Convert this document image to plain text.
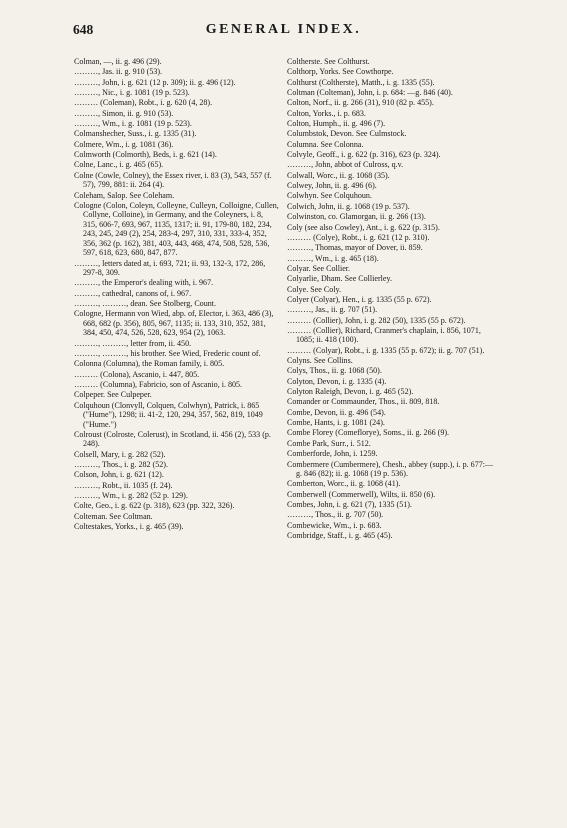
648	GENERAL INDEX.
Colman, —, ii. g. 496 (29).
………, Jas. ii. g. 910 (53).
………, John, i. g. 621 (12 p. 309); ii. g. 496 (12).
………, Nic., i. g. 1081 (19 p. 523).
……… (Coleman), Robt., i. g. 620 (4, 28).
………, Simon, ii. g. 910 (53).
………, Wm., i. g. 1081 (19 p. 523).
Colmanshecher, Suss., i. g. 1335 (31).
Colmere, Wm., i. g. 1081 (36).
Colmworth (Colmorth), Beds, i. g. 621 (14).
Colne, Lanc., i. g. 465 (65).
Colne (Cowle, Colney), the Essex river, i. 83 (3), 543, 557 (f. 57), 799, 881: ii. 264 (4).
Coleham, Salop. See Coleham.
Cologne (Colon, Coleyn, Colleyne, Culleyn, Colloigne, Cullen, Collyne, Colloine), in Germany, and the Coleyners, i. 8, 315, 606-7, 693, 967, 1135, 1317; ii. 91, 179-80, 182, 234, 243, 245, 249 (2), 254, 283-4, 297, 310, 331, 333-4, 352, 356, 362 (p. 162), 381, 403, 443, 468, 474, 508, 528, 536, 597, 618, 623, 680, 847, 877.
………, letters dated at, i. 693, 721; ii. 93, 132-3, 172, 286, 297-8, 309.
………, the Emperor's dealing with, i. 967.
………, cathedral, canons of, i. 967.
………, ………, dean. See Stolberg, Count.
Cologne, Hermann von Wied, abp. of, Elector, i. 363, 486 (3), 668, 682 (p. 356), 805, 967, 1135; ii. 133, 310, 352, 381, 384, 450, 474, 526, 528, 623, 954 (2), 1063.
………, ………, letter from, ii. 450.
………, ………, his brother. See Wied, Frederic count of.
Colonna (Columna), the Roman family, i. 805.
……… (Colona), Ascanio, i. 447, 805.
……… (Columna), Fabricio, son of Ascanio, i. 805.
Colpeper. See Culpeper.
Colquhoun (Clonvyll, Colquen, Colwhyn), Patrick, i. 865 ("Hume"), 1298; ii. 41-2, 120, 294, 357, 562, 819, 1049 ("Hume.")
Colroust (Colroste, Colerust), in Scotland, ii. 456 (2), 533 (p. 248).
Colsell, Mary, i. g. 282 (52).
………, Thos., i. g. 282 (52).
Colson, John, i. g. 621 (12).
………, Robt., ii. 1035 (f. 24).
………, Wm., i. g. 282 (52 p. 129).
Colte, Geo., i. g. 622 (p. 318), 623 (pp. 322, 326).
Colteman. See Coltman.
Coltestakes, Yorks., i. g. 465 (39).
Coltherste. See Colthurst.
Colthorp, Yorks. See Cowthorpe.
Colthurst (Coltherste), Matth., i. g. 1335 (55).
Coltman (Colteman), John, i. p. 684: —g. 846 (40).
Colton, Norf., ii. g. 266 (31), 910 (82 p. 455).
Colton, Yorks., i. p. 683.
Colton, Humph., ii. g. 496 (7).
Columbstok, Devon. See Culmstock.
Columna. See Colonna.
Colvyle, Geoff., i. g. 622 (p. 316), 623 (p. 324).
………, John, abbot of Culross, q.v.
Colwall, Worc., ii. g. 1068 (35).
Colwey, John, ii. g. 496 (6).
Colwhyn. See Colquhoun.
Colwich, John, ii. g. 1068 (19 p. 537).
Colwinston, co. Glamorgan, ii. g. 266 (13).
Coly (see also Cowley), Ant., i. g. 622 (p. 315).
……… (Colye), Robt., i. g. 621 (12 p. 310).
………, Thomas, mayor of Dover, ii. 859.
………, Wm., i. g. 465 (18).
Colyar. See Collier.
Colyarlie, Dham. See Collierley.
Colye. See Coly.
Colyer (Colyar), Hen., i. g. 1335 (55 p. 672).
………, Jas., ii. g. 707 (51).
……… (Collier), John, i. g. 282 (50), 1335 (55 p. 672).
……… (Collier), Richard, Cranmer's chaplain, i. 856, 1071, 1085; ii. 418 (100).
……… (Colyar), Robt., i. g. 1335 (55 p. 672); ii. g. 707 (51).
Colyns. See Collins.
Colys, Thos., ii. g. 1068 (50).
Colyton, Devon, i. g. 1335 (4).
Colyton Raleigh, Devon, i. g. 465 (52).
Comander or Commaunder, Thos., ii. 809, 818.
Combe, Devon, ii. g. 496 (54).
Combe, Hants, i. g. 1081 (24).
Combe Florey (Comeflorye), Soms., ii. g. 266 (9).
Combe Park, Surr., i. 512.
Comberforde, John, i. 1259.
Combermere (Cumbermere), Chesh., abbey (supp.), i. p. 677:—g. 846 (82); ii. g. 1068 (19 p. 536).
Comberton, Worc., ii. g. 1068 (41).
Comberwell (Commerwell), Wilts, ii. 850 (6).
Combes, John, i. g. 621 (7), 1335 (51).
………, Thos., ii. g. 707 (50).
Combewicke, Wm., i. p. 683.
Combridge, Staff., i. g. 465 (45).
